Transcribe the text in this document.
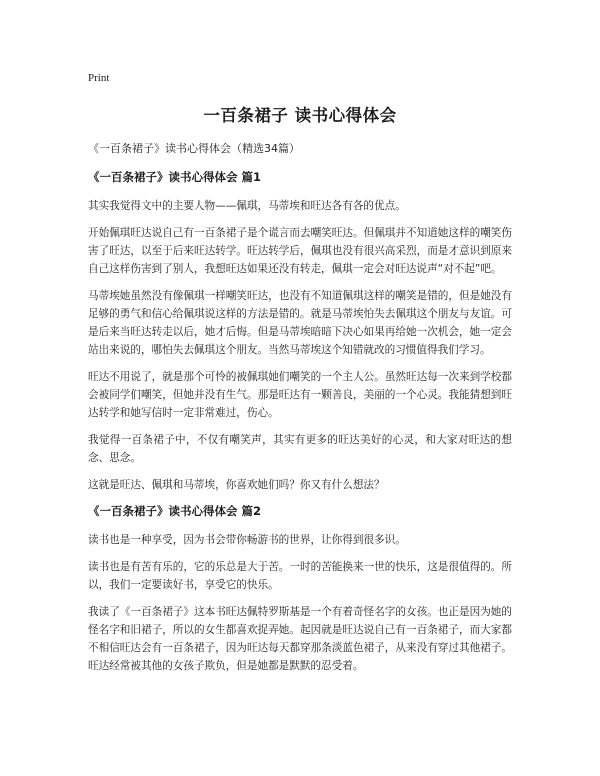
Print
一百条裙子 读书心得体会
《一百条裙子》读书心得体会（精选34篇）
《一百条裙子》读书心得体会 篇1

其实我觉得文中的主要人物——佩琪，马蒂埃和旺达各有各的优点。

开始佩琪旺达说自己有一百条裙子是个谎言而去嘲笑旺达。但佩琪并不知道她这样的嘲笑伤害了旺达，以至于后来旺达转学。旺达转学后，佩琪也没有很兴高采烈，而是才意识到原来自己这样伤害到了别人，我想旺达如果还没有转走，佩琪一定会对旺达说声“对不起”吧。

马蒂埃她虽然没有像佩琪一样嘲笑旺达，也没有不知道佩琪这样的嘲笑是错的，但是她没有足够的勇气和信心给佩琪说这样的方法是错的。就是马蒂埃怕失去佩琪这个朋友与友谊。可是后来当旺达转走以后，她才后悔。但是马蒂埃暗暗下决心如果再给她一次机会，她一定会站出来说的，哪怕失去佩琪这个朋友。当然马蒂埃这个知错就改的习惯值得我们学习。

旺达不用说了，就是那个可怜的被佩琪她们嘲笑的一个主人公。虽然旺达每一次来到学校都会被同学们嘲笑，但她并没有生气。那是旺达有一颗善良，美丽的一个心灵。我能猜想到旺达转学和她写信时一定非常难过，伤心。

我觉得一百条裙子中，不仅有嘲笑声，其实有更多的旺达美好的心灵，和大家对旺达的想念、思念。

这就是旺达、佩琪和马蒂埃，你喜欢她们吗？你又有什么想法？

《一百条裙子》读书心得体会 篇2

读书也是一种享受，因为书会带你畅游书的世界，让你得到很多识。

读书也是有苦有乐的，它的乐总是大于苦。一时的苦能换来一世的快乐，这是很值得的。所以，我们一定要读好书，享受它的快乐。

我读了《一百条裙子》这本书旺达佩特罗斯基是一个有着奇怪名字的女孩。也正是因为她的怪名字和旧裙子，所以的女生都喜欢捉弄她。起因就是旺达说自己有一百条裙子，而大家都不相信旺达会有一百条裙子，因为旺达每天都穿那条淡蓝色裙子，从来没有穿过其他裙子。旺达经常被其他的女孩子欺负，但是她都是默默的忍受着。
